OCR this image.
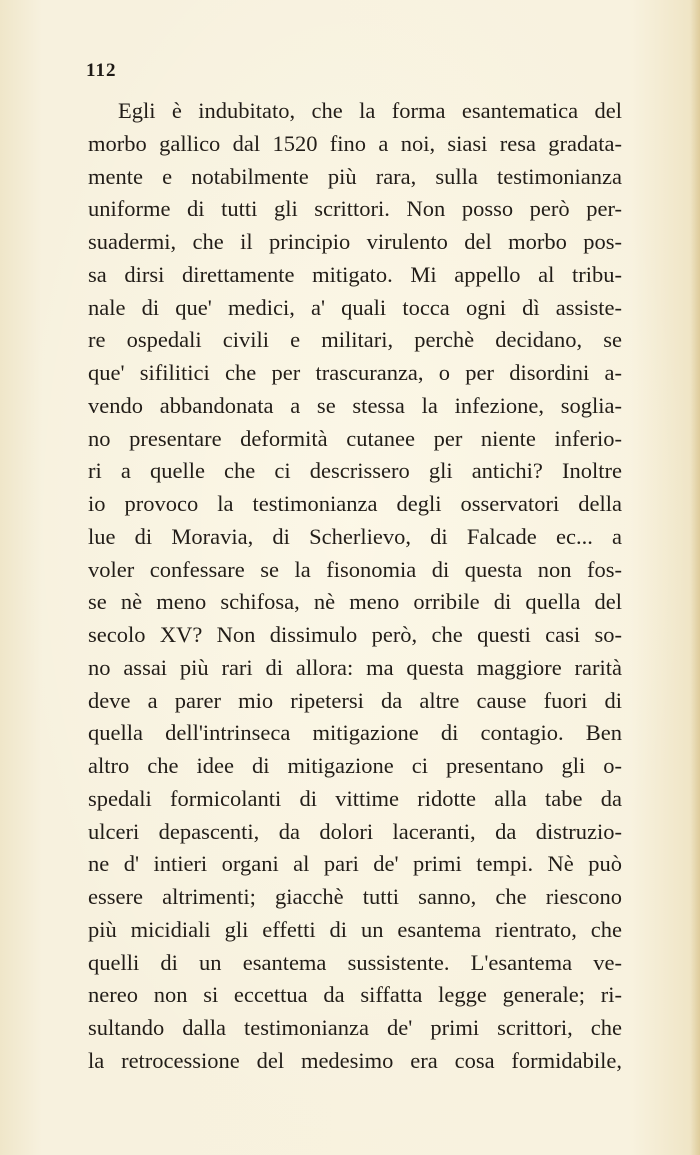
112
Egli è indubitato, che la forma esantematica del
morbo gallico dal 1520 fino a noi, siasi resa gradata-
mente e notabilmente più rara, sulla testimonianza
uniforme di tutti gli scrittori. Non posso però per-
suadermi, che il principio virulento del morbo pos-
sa dirsi direttamente mitigato. Mi appello al tribu-
nale di que' medici, a' quali tocca ogni dì assiste-
re ospedali civili e militari, perchè decidano, se
que' sifilitici che per trascuranza, o per disordini a-
vendo abbandonata a se stessa la infezione, soglia-
no presentare deformità cutanee per niente inferio-
ri a quelle che ci descrissero gli antichi? Inoltre
io provoco la testimonianza degli osservatori della
lue di Moravia, di Scherlievo, di Falcade ec... a
voler confessare se la fisonomia di questa non fos-
se nè meno schifosa, nè meno orribile di quella del
secolo XV? Non dissimulo però, che questi casi so-
no assai più rari di allora: ma questa maggiore rarità
deve a parer mio ripetersi da altre cause fuori di
quella dell'intrinseca mitigazione di contagio. Ben
altro che idee di mitigazione ci presentano gli o-
spedali formicolanti di vittime ridotte alla tabe da
ulceri depascenti, da dolori laceranti, da distruzio-
ne d' intieri organi al pari de' primi tempi. Nè può
essere altrimenti; giacchè tutti sanno, che riescono
più micidiali gli effetti di un esantema rientrato, che
quelli di un esantema sussistente. L'esantema ve-
nereo non si eccettua da siffatta legge generale; ri-
sultando dalla testimonianza de' primi scrittori, che
la retrocessione del medesimo era cosa formidabile,
